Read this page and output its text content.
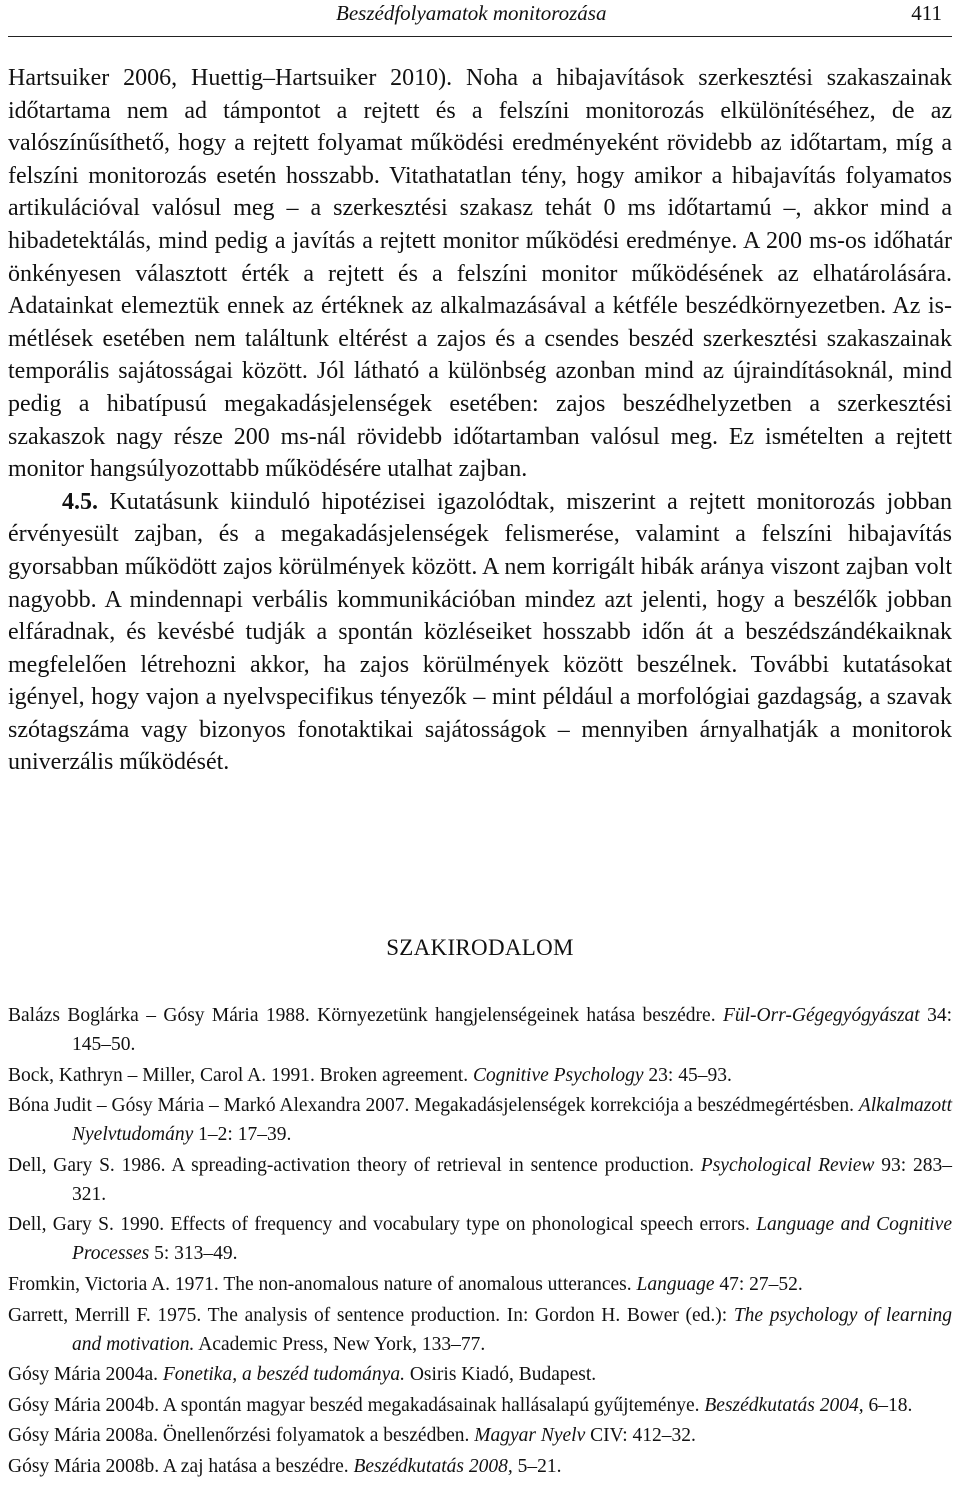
Beszédfolyamatok monitorozása	411

Hartsuiker 2006, Huettig–Hartsuiker 2010). Noha a hibajavítások szerkesztési szakaszainak időtartama nem ad támpontot a rejtett és a felszíni monitorozás elkülönítéséhez, de az valószínűsíthető, hogy a rejtett folyamat működési eredményeként rövidebb az időtartam, míg a felszíni monitorozás esetén hosszabb. Vitathatatlan tény, hogy amikor a hibajavítás folyamatos artikulációval valósul meg – a szerkesztési szakasz tehát 0 ms időtartamú –, akkor mind a hibadetektálás, mind pedig a javítás a rejtett monitor működési eredménye. A 200 ms-os időhatár önkényesen választott érték a rejtett és a felszíni monitor működésének az elhatárolására. Adatainkat elemeztük ennek az értéknek az alkalmazásával a kétféle beszédkörnyezetben. Az ismétlések esetében nem találtunk eltérést a zajos és a csendes beszéd szerkesztési szakaszainak temporális sajátosságai között. Jól látható a különbség azonban mind az újraindításoknál, mind pedig a hibatípusú megakadásjelenségek esetében: zajos beszédhelyzetben a szerkesztési szakaszok nagy része 200 ms-nál rövidebb időtartamban valósul meg. Ez ismételten a rejtett monitor hangsúlyozottabb működésére utalhat zajban.

4.5. Kutatásunk kiinduló hipotézisei igazolódtak, miszerint a rejtett monitorozás jobban érvényesült zajban, és a megakadásjelenségek felismerése, valamint a felszíni hibajavítás gyorsabban működött zajos körülmények között. A nem korrigált hibák aránya viszont zajban volt nagyobb. A mindennapi verbális kommunikációban mindez azt jelenti, hogy a beszélők jobban elfáradnak, és kevésbé tudják a spontán közléseiket hosszabb időn át a beszédszándékaiknak megfelelően létrehozni akkor, ha zajos körülmények között beszélnek. További kutatásokat igényel, hogy vajon a nyelvspecifikus tényezők – mint például a morfológiai gazdagság, a szavak szótagszáma vagy bizonyos fonotaktikai sajátosságok – mennyiben árnyalhatják a monitorok univerzális működését.

SZAKIRODALOM

Balázs Boglárka – Gósy Mária 1988. Környezetünk hangjelenségeinek hatása beszédre. Fül-Orr-Gégegyógyászat 34: 145–50.

Bock, Kathryn – Miller, Carol A. 1991. Broken agreement. Cognitive Psychology 23: 45–93.

Bóna Judit – Gósy Mária – Markó Alexandra 2007. Megakadásjelenségek korrekciója a beszédmegértésben. Alkalmazott Nyelvtudomány 1–2: 17–39.

Dell, Gary S. 1986. A spreading-activation theory of retrieval in sentence production. Psychological Review 93: 283–321.

Dell, Gary S. 1990. Effects of frequency and vocabulary type on phonological speech errors. Language and Cognitive Processes 5: 313–49.

Fromkin, Victoria A. 1971. The non-anomalous nature of anomalous utterances. Language 47: 27–52.

Garrett, Merrill F. 1975. The analysis of sentence production. In: Gordon H. Bower (ed.): The psychology of learning and motivation. Academic Press, New York, 133–77.

Gósy Mária 2004a. Fonetika, a beszéd tudománya. Osiris Kiadó, Budapest.

Gósy Mária 2004b. A spontán magyar beszéd megakadásainak hallásalapú gyűjteménye. Beszédkutatás 2004, 6–18.

Gósy Mária 2008a. Önellenőrzési folyamatok a beszédben. Magyar Nyelv CIV: 412–32.

Gósy Mária 2008b. A zaj hatása a beszédre. Beszédkutatás 2008, 5–21.
